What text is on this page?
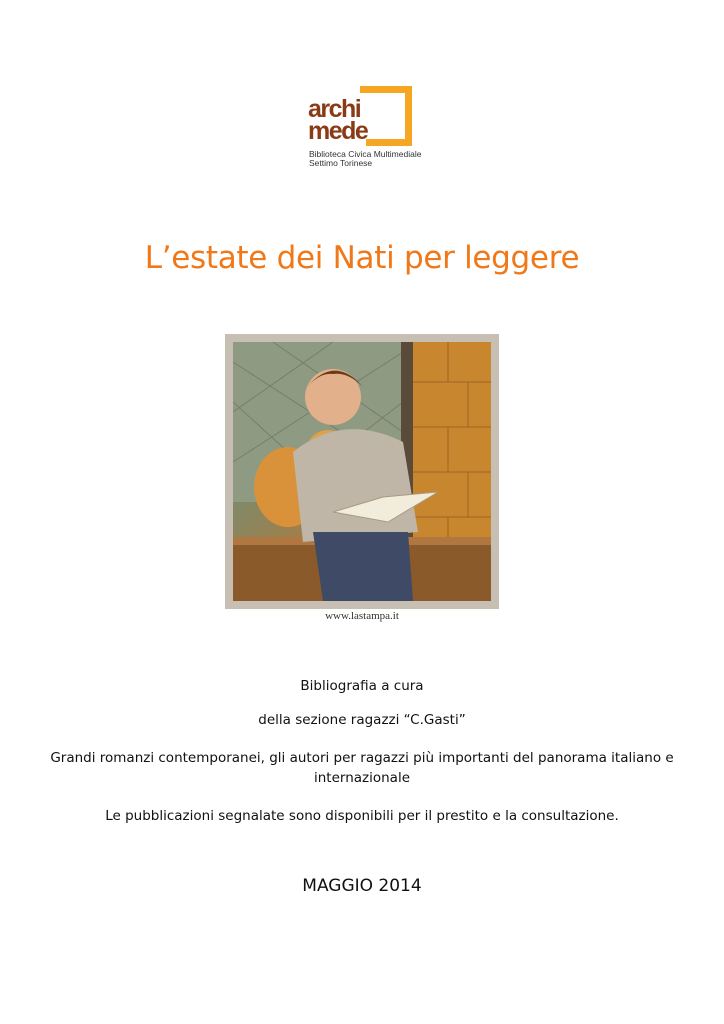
archi
mede
Biblioteca Civica Multimediale
Settimo Torinese
L’estate dei Nati per leggere
www.lastampa.it
Bibliografia a cura
della sezione ragazzi “C.Gasti”
Grandi romanzi contemporanei, gli autori per ragazzi più importanti del panorama italiano e internazionale
Le pubblicazioni segnalate sono disponibili per il prestito e la consultazione.
MAGGIO 2014
